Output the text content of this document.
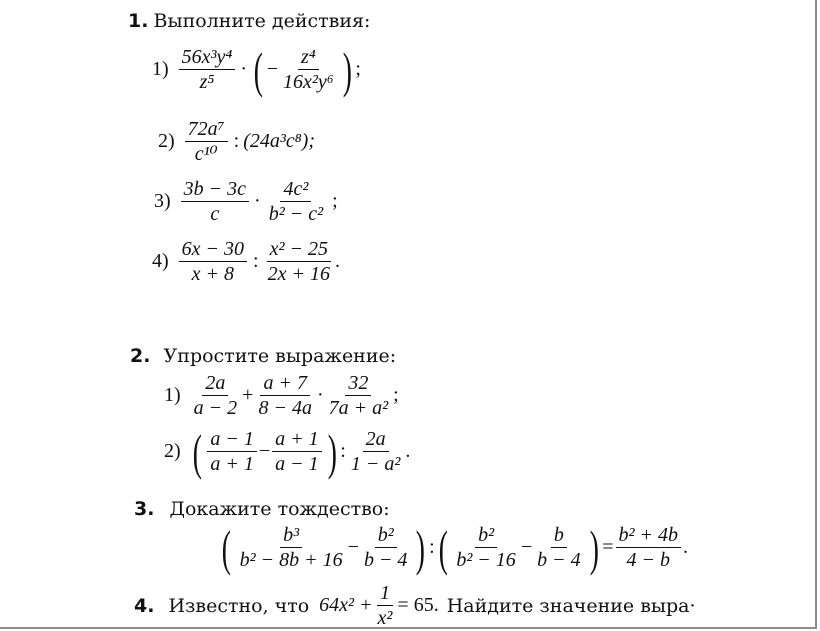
1. Выполните действия:
$1) \frac{\text{56x³y⁴}}{\text{z⁵}}$ · ( − $\frac{\text{z⁴}}{\text{16x²y⁶}}$ ) ;
$2) \frac{\text{72a⁷}}{\text{c¹⁰}}$ : (24a³c⁸);
$3) \frac{3b - 3c}{c} \cdot \frac{\text{4c²}}{\text{b² − c²}}$ ;
$4) \frac{6x - 30}{x + 8}$ : $\frac{\text{x² − 25}}{2x + 16}$ .
2. Упростите выражение:
$1) \frac{2a}{a - 2} + \frac{a + 7}{8 - 4a} \cdot \frac{32}{\text{7a + a²}}$ ;
2) ( $\frac{a - 1}{a + 1} - \frac{a + 1}{a - 1}$ ) : $\frac{2a}{\text{1 − a²}}$ .
3. Докажите тождество:
( $\frac{\text{b³}}{\text{b² − 8b + 16}} - \frac{\text{b²}}{b - 4}$ ) : ( $\frac{\text{b²}}{\text{b² − 16}} - \frac{b}{b - 4}$ ) = $\frac{\text{b² + 4b}}{4 - b}$ .
4. Известно, что $64x^2 + \frac{1}{\text{x²}} = 65$. Найдите значение выра·
